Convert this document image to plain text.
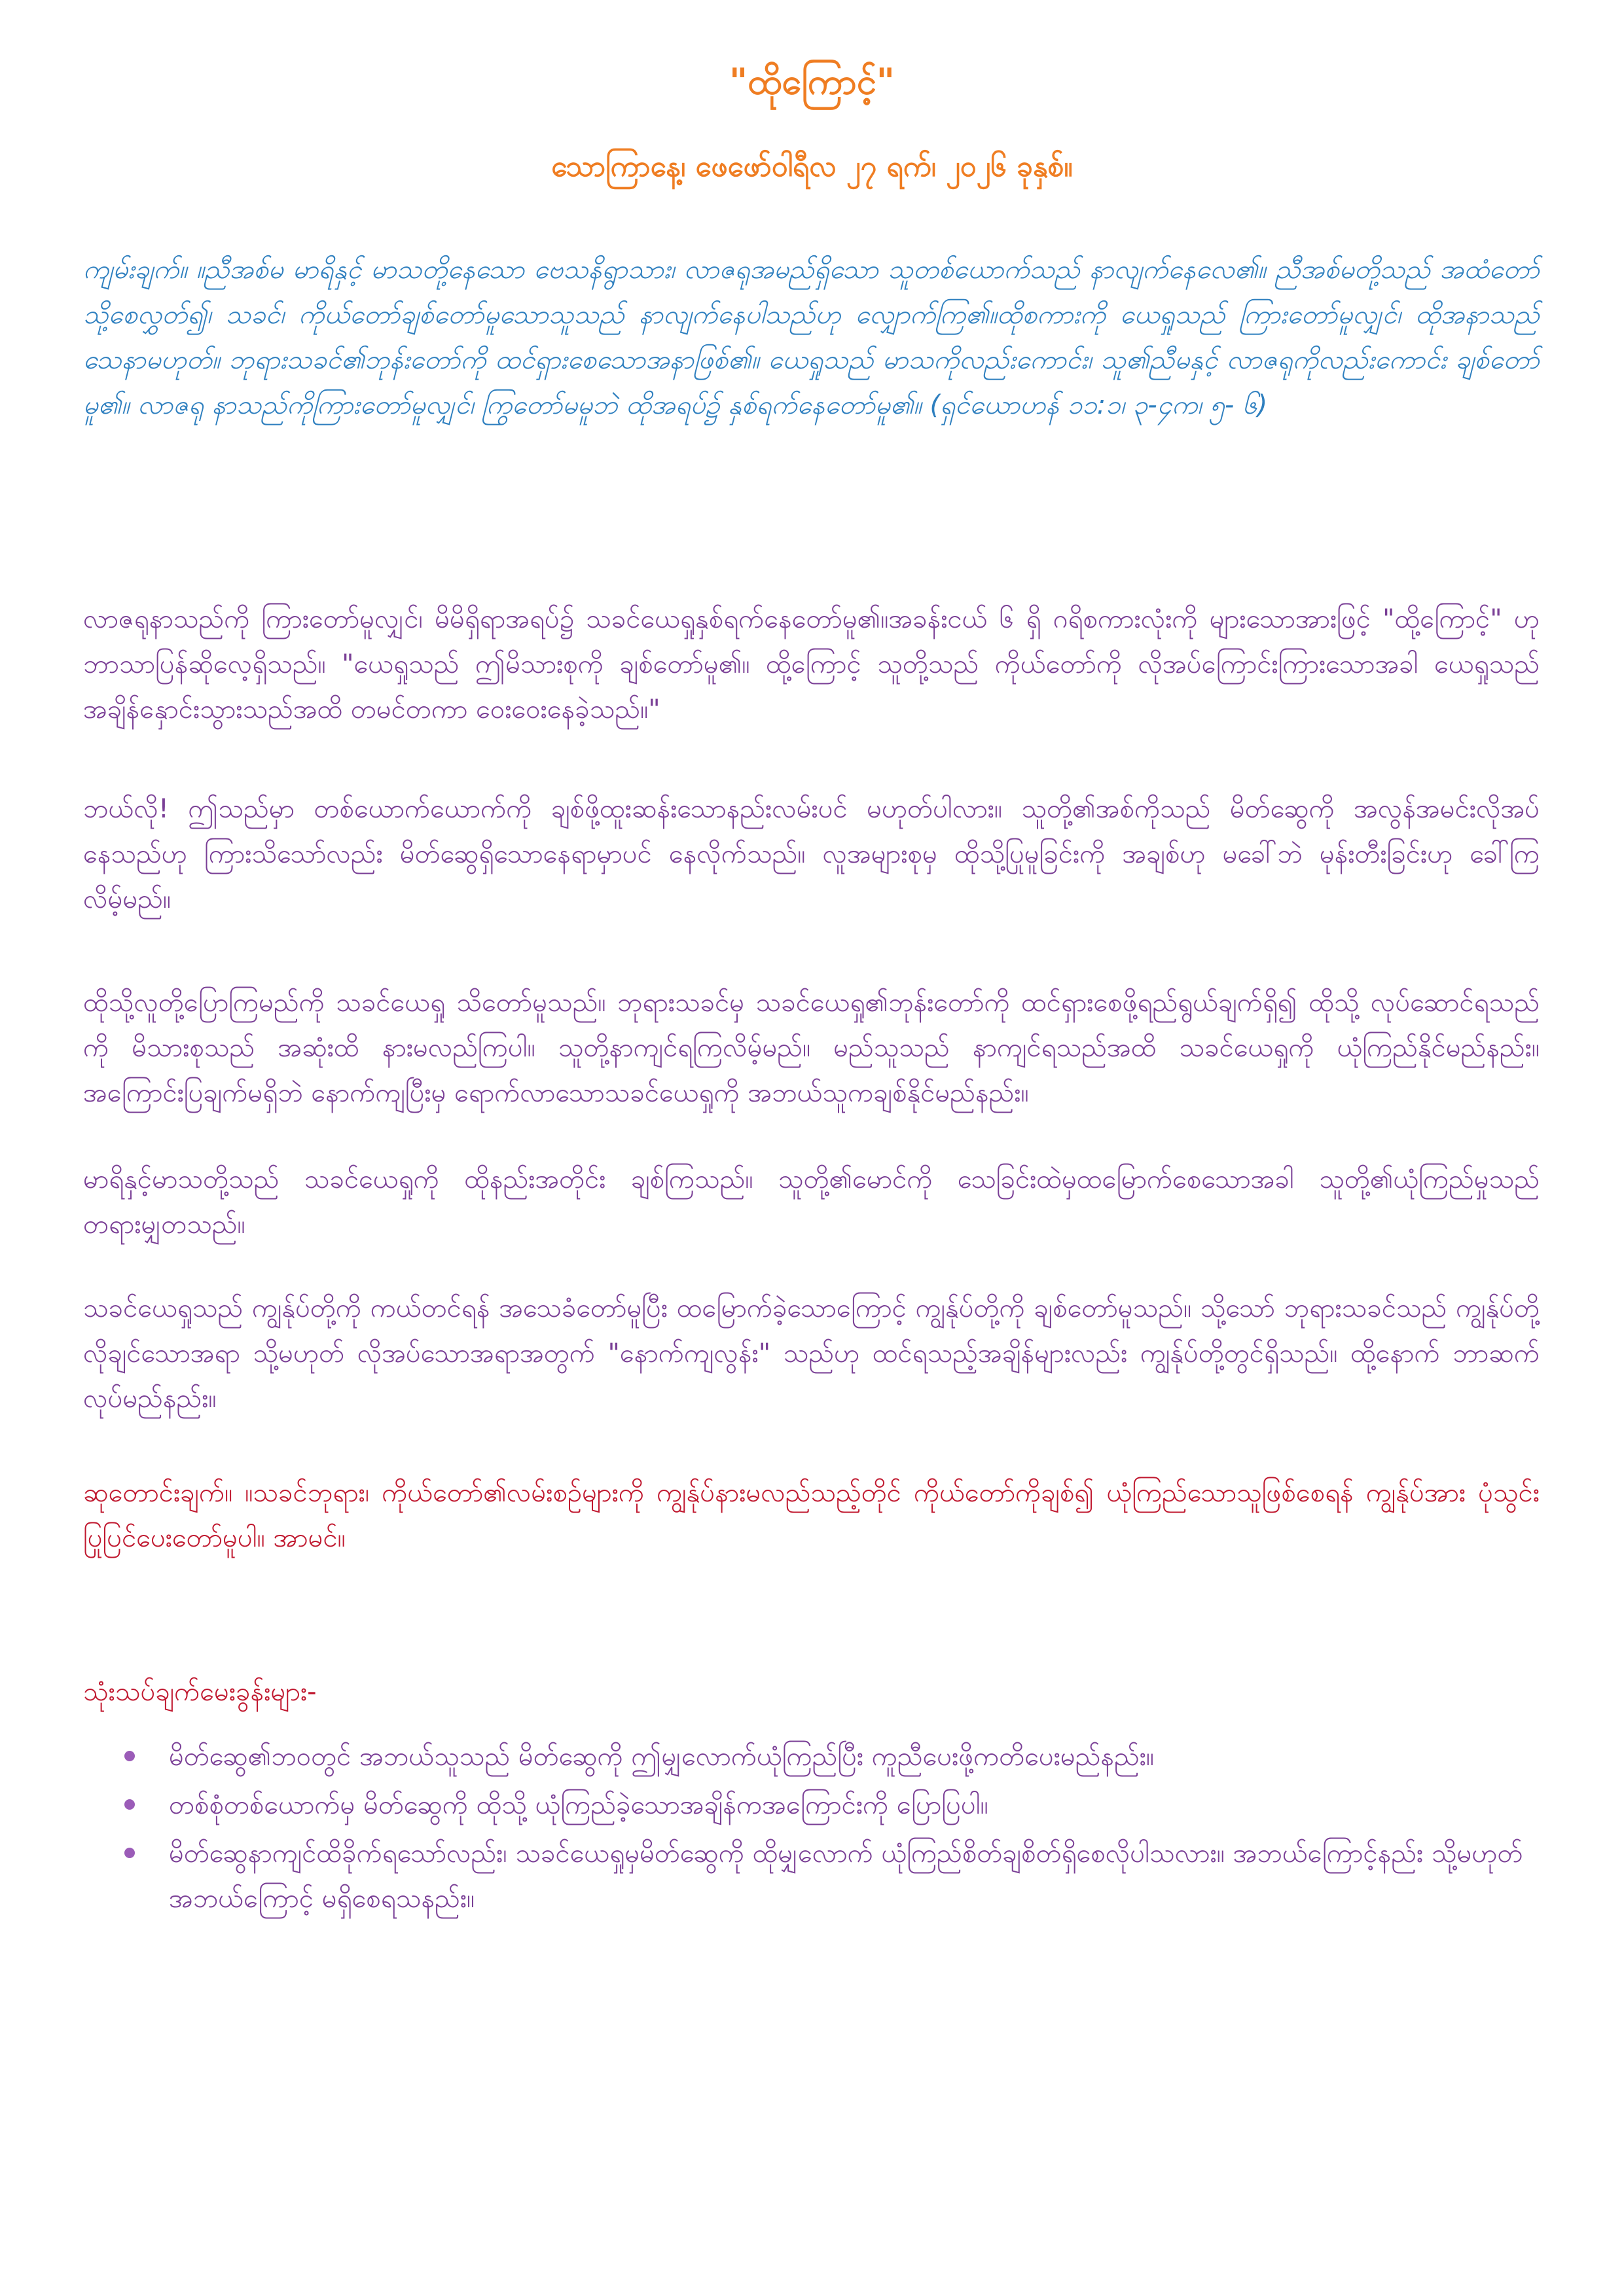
"ထိုကြောင့်"
သောကြာနေ့၊ ဖေဖော်ဝါရီလ ၂၇ ရက်၊ ၂၀၂၆ ခုနှစ်။

ကျမ်းချက်။ ။ညီအစ်မ မာရိနှင့် မာသတို့နေသော ဗေသနိရွာသား၊ လာဇရုအမည်ရှိသော သူတစ်ယောက်သည် နာလျက်နေလေ၏။ ညီအစ်မတို့သည် အထံတော်သို့စေလွှတ်၍၊ သခင်၊ ကိုယ်တော်ချစ်တော်မူသောသူသည် နာလျက်နေပါသည်ဟု လျှောက်ကြ၏။ထိုစကားကို ယေရှုသည် ကြားတော်မူလျှင်၊ ထိုအနာသည် သေနာမဟုတ်။ ဘုရားသခင်၏ဘုန်းတော်ကို ထင်ရှားစေသောအနာဖြစ်၏။ ယေရှုသည် မာသကိုလည်းကောင်း၊ သူ၏ညီမနှင့် လာဇရုကိုလည်းကောင်း ချစ်တော်မူ၏။ လာဇရု နာသည်ကိုကြားတော်မူလျှင်၊ ကြွတော်မမူဘဲ ထိုအရပ်၌ နှစ်ရက်နေတော်မူ၏။ (ရှင်ယောဟန် ၁၁:၁၊ ၃-၄က၊ ၅- ၆)

လာဇရုနာသည်ကို ကြားတော်မူလျှင်၊ မိမိရှိရာအရပ်၌ သခင်ယေရှုနှစ်ရက်နေတော်မူ၏။အခန်းငယ် ၆ ရှိ ဂရိစကားလုံးကို များသောအားဖြင့် "ထို့ကြောင့်" ဟု ဘာသာပြန်ဆိုလေ့ရှိသည်။ "ယေရှုသည် ဤမိသားစုကို ချစ်တော်မူ၏။ ထို့ကြောင့် သူတို့သည် ကိုယ်တော်ကို လိုအပ်ကြောင်းကြားသောအခါ ယေရှုသည် အချိန်နှောင်းသွားသည်အထိ တမင်တကာ ဝေးဝေးနေခဲ့သည်။"

ဘယ်လို! ဤသည်မှာ တစ်ယောက်ယောက်ကို ချစ်ဖို့ထူးဆန်းသောနည်းလမ်းပင် မဟုတ်ပါလား။ သူတို့၏အစ်ကိုသည် မိတ်ဆွေကို အလွန်အမင်းလိုအပ်နေသည်ဟု ကြားသိသော်လည်း မိတ်ဆွေရှိသောနေရာမှာပင် နေလိုက်သည်။ လူအများစုမှ ထိုသို့ပြုမူခြင်းကို အချစ်ဟု မခေါ်ဘဲ မုန်းတီးခြင်းဟု ခေါ်ကြလိမ့်မည်။

ထိုသို့လူတို့ပြောကြမည်ကို သခင်ယေရှု သိတော်မူသည်။ ဘုရားသခင်မှ သခင်ယေရှု၏ဘုန်းတော်ကို ထင်ရှားစေဖို့ရည်ရွယ်ချက်ရှိ၍ ထိုသို့ လုပ်ဆောင်ရသည်ကို မိသားစုသည် အဆုံးထိ နားမလည်ကြပါ။ သူတို့နာကျင်ရကြလိမ့်မည်။ မည်သူသည် နာကျင်ရသည်အထိ သခင်ယေရှုကို ယုံကြည်နိုင်မည်နည်း။ အကြောင်းပြချက်မရှိဘဲ နောက်ကျပြီးမှ ရောက်လာသောသခင်ယေရှုကို အဘယ်သူကချစ်နိုင်မည်နည်း။

မာရိနှင့်မာသတို့သည် သခင်ယေရှုကို ထိုနည်းအတိုင်း ချစ်ကြသည်။ သူတို့၏မောင်ကို သေခြင်းထဲမှထမြောက်စေသောအခါ သူတို့၏ယုံကြည်မှုသည် တရားမျှတသည်။

သခင်ယေရှုသည် ကျွန်ုပ်တို့ကို ကယ်တင်ရန် အသေခံတော်မူပြီး ထမြောက်ခဲ့သောကြောင့် ကျွန်ုပ်တို့ကို ချစ်တော်မူသည်။ သို့သော် ဘုရားသခင်သည် ကျွန်ုပ်တို့လိုချင်သောအရာ သို့မဟုတ် လိုအပ်သောအရာအတွက် "နောက်ကျလွန်း" သည်ဟု ထင်ရသည့်အချိန်များလည်း ကျွန်ုပ်တို့တွင်ရှိသည်။ ထို့နောက် ဘာဆက်လုပ်မည်နည်း။

ဆုတောင်းချက်။ ။သခင်ဘုရား၊ ကိုယ်တော်၏လမ်းစဉ်များကို ကျွန်ုပ်နားမလည်သည့်တိုင် ကိုယ်တော်ကိုချစ်၍ ယုံကြည်သောသူဖြစ်စေရန် ကျွန်ုပ်အား ပုံသွင်းပြုပြင်ပေးတော်မူပါ။ အာမင်။

သုံးသပ်ချက်မေးခွန်းများ-

မိတ်ဆွေ၏ဘဝတွင် အဘယ်သူသည် မိတ်ဆွေကို ဤမျှလောက်ယုံကြည်ပြီး ကူညီပေးဖို့ကတိပေးမည်နည်း။
တစ်စုံတစ်ယောက်မှ မိတ်ဆွေကို ထိုသို့ ယုံကြည်ခဲ့သောအချိန်ကအကြောင်းကို ပြောပြပါ။
မိတ်ဆွေနာကျင်ထိခိုက်ရသော်လည်း၊ သခင်ယေရှုမှမိတ်ဆွေကို ထိုမျှလောက် ယုံကြည်စိတ်ချစိတ်ရှိစေလိုပါသလား။ အဘယ်ကြောင့်နည်း သို့မဟုတ် အဘယ်ကြောင့် မရှိစေရသနည်း။
